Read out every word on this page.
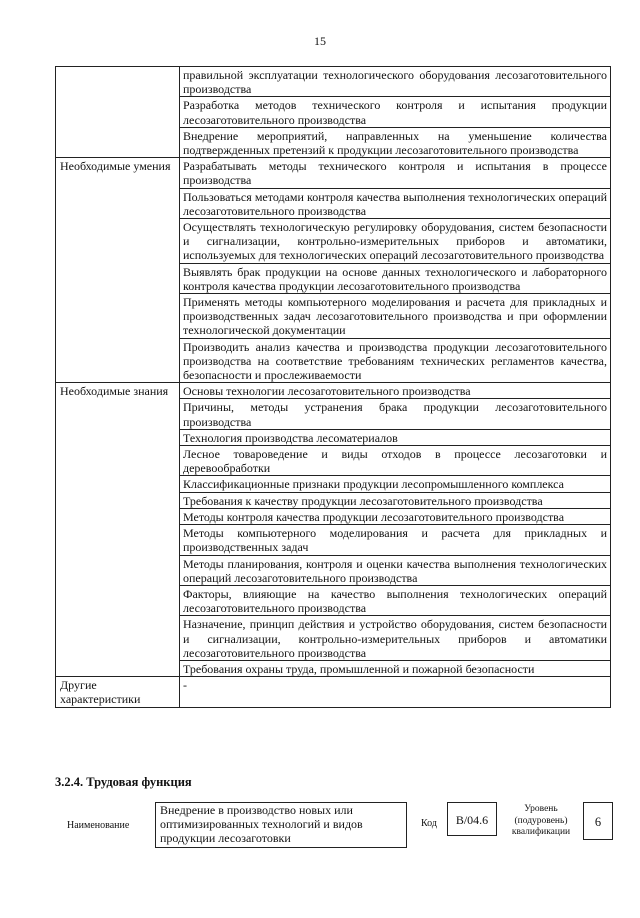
15
	правильной эксплуатации технологического оборудования лесозаготовительного производства
	Разработка методов технического контроля и испытания продукции лесозаготовительного производства
	Внедрение мероприятий, направленных на уменьшение количества подтвержденных претензий к продукции лесозаготовительного производства
Необходимые умения	Разрабатывать методы технического контроля и испытания в процессе производства
	Пользоваться методами контроля качества выполнения технологических операций лесозаготовительного производства
	Осуществлять технологическую регулировку оборудования, систем безопасности и сигнализации, контрольно-измерительных приборов и автоматики, используемых для технологических операций лесозаготовительного производства
	Выявлять брак продукции на основе данных технологического и лабораторного контроля качества продукции лесозаготовительного производства
	Применять методы компьютерного моделирования и расчета для прикладных и производственных задач лесозаготовительного производства и при оформлении технологической документации
	Производить анализ качества и производства продукции лесозаготовительного производства на соответствие требованиям технических регламентов качества, безопасности и прослеживаемости
Необходимые знания	Основы технологии лесозаготовительного производства
	Причины, методы устранения брака продукции лесозаготовительного производства
	Технология производства лесоматериалов
	Лесное товароведение и виды отходов в процессе лесозаготовки и деревообработки
	Классификационные признаки продукции лесопромышленного комплекса
	Требования к качеству продукции лесозаготовительного производства
	Методы контроля качества продукции лесозаготовительного производства
	Методы компьютерного моделирования и расчета для прикладных и производственных задач
	Методы планирования, контроля и оценки качества выполнения технологических операций лесозаготовительного производства
	Факторы, влияющие на качество выполнения технологических операций лесозаготовительного производства
	Назначение, принцип действия и устройство оборудования, систем безопасности и сигнализации, контрольно-измерительных приборов и автоматики лесозаготовительного производства
	Требования охраны труда, промышленной и пожарной безопасности
Другие характеристики	-
3.2.4. Трудовая функция
Наименование
Внедрение в производство новых или оптимизированных технологий и видов продукции лесозаготовки
Код	B/04.6
Уровень (подуровень) квалификации
6
